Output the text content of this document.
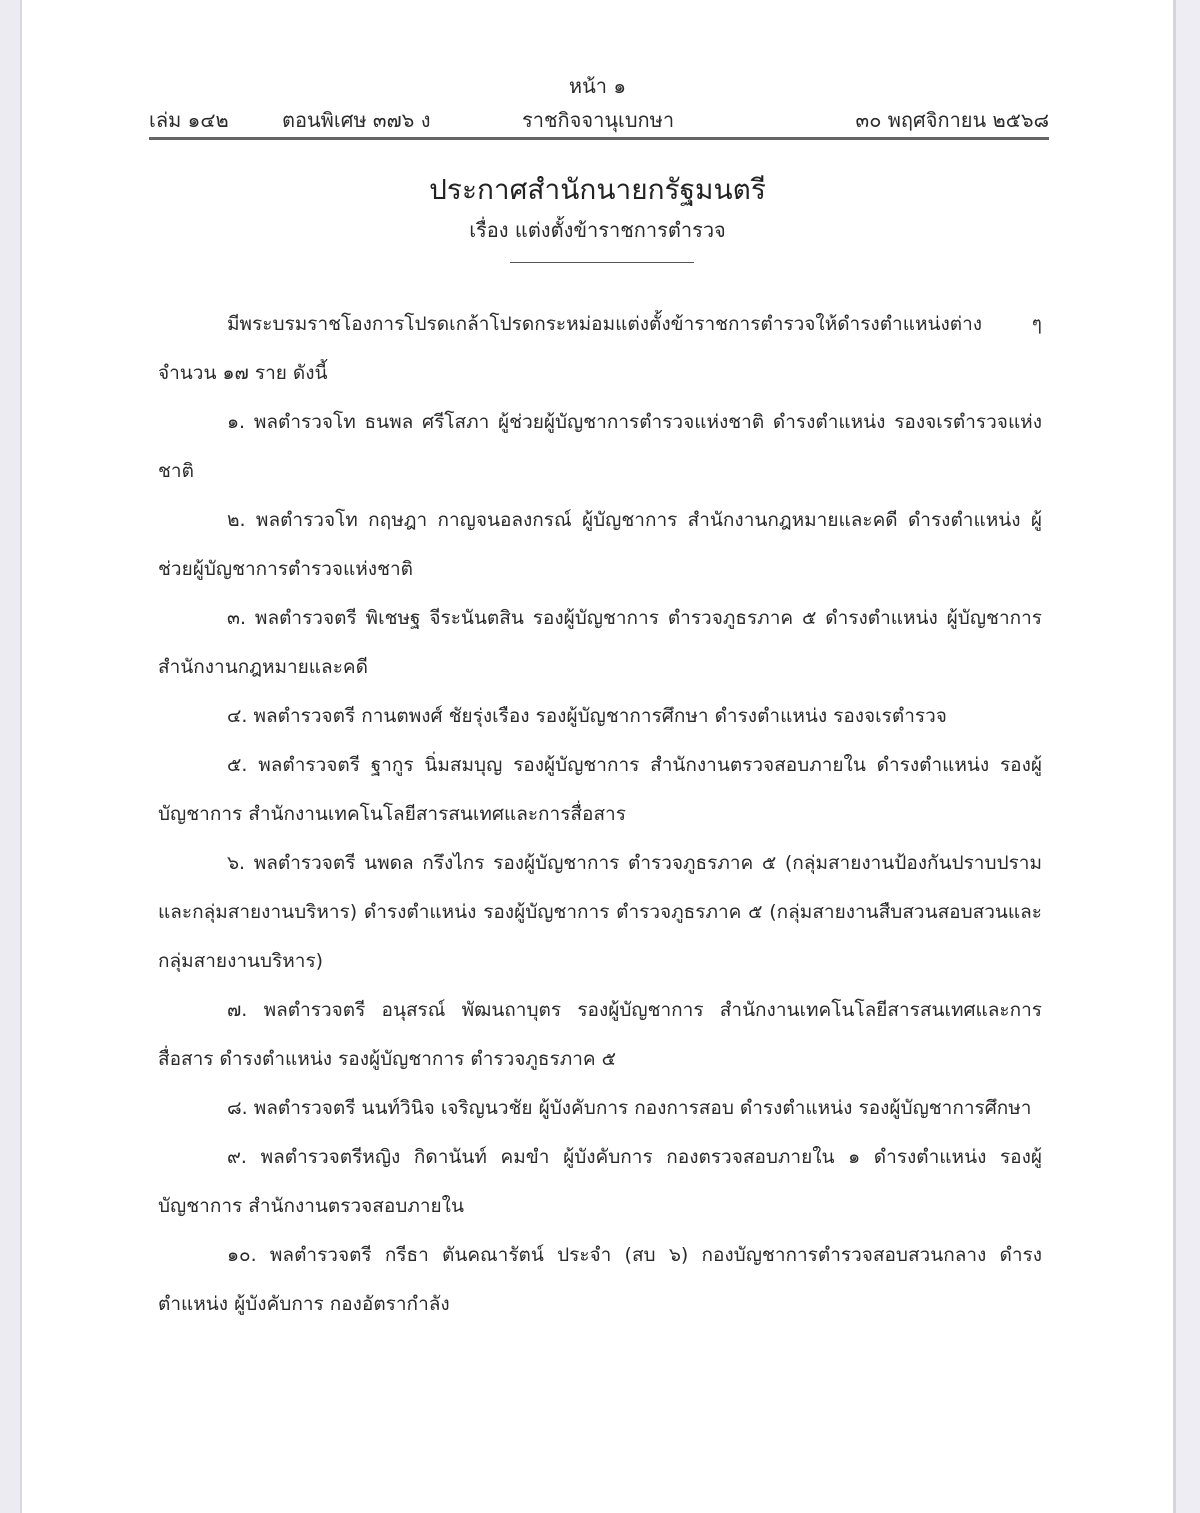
หน้า ๑
เล่ม ๑๔๒	ตอนพิเศษ ๓๗๖ ง	ราชกิจจานุเบกษา	๓๐ พฤศจิกายน ๒๕๖๘
ประกาศสำนักนายกรัฐมนตรี
เรื่อง แต่งตั้งข้าราชการตำรวจ

มีพระบรมราชโองการโปรดเกล้าโปรดกระหม่อมแต่งตั้งข้าราชการตำรวจให้ดำรงตำแหน่งต่าง ๆ จำนวน ๑๗ ราย ดังนี้

๑. พลตำรวจโท ธนพล ศรีโสภา ผู้ช่วยผู้บัญชาการตำรวจแห่งชาติ ดำรงตำแหน่ง รองจเรตำรวจแห่งชาติ

๒. พลตำรวจโท กฤษฎา กาญจนอลงกรณ์ ผู้บัญชาการ สำนักงานกฎหมายและคดี ดำรงตำแหน่ง ผู้ช่วยผู้บัญชาการตำรวจแห่งชาติ

๓. พลตำรวจตรี พิเชษฐ จีระนันตสิน รองผู้บัญชาการ ตำรวจภูธรภาค ๕ ดำรงตำแหน่ง ผู้บัญชาการ สำนักงานกฎหมายและคดี

๔. พลตำรวจตรี กานตพงศ์ ชัยรุ่งเรือง รองผู้บัญชาการศึกษา ดำรงตำแหน่ง รองจเรตำรวจ

๕. พลตำรวจตรี ฐากูร นิ่มสมบุญ รองผู้บัญชาการ สำนักงานตรวจสอบภายใน ดำรงตำแหน่ง รองผู้บัญชาการ สำนักงานเทคโนโลยีสารสนเทศและการสื่อสาร

๖. พลตำรวจตรี นพดล กรึงไกร รองผู้บัญชาการ ตำรวจภูธรภาค ๕ (กลุ่มสายงานป้องกันปราบปรามและกลุ่มสายงานบริหาร) ดำรงตำแหน่ง รองผู้บัญชาการ ตำรวจภูธรภาค ๕ (กลุ่มสายงานสืบสวนสอบสวนและกลุ่มสายงานบริหาร)

๗. พลตำรวจตรี อนุสรณ์ พัฒนถาบุตร รองผู้บัญชาการ สำนักงานเทคโนโลยีสารสนเทศและการสื่อสาร ดำรงตำแหน่ง รองผู้บัญชาการ ตำรวจภูธรภาค ๕

๘. พลตำรวจตรี นนท์วินิจ เจริญนวชัย ผู้บังคับการ กองการสอบ ดำรงตำแหน่ง รองผู้บัญชาการศึกษา

๙. พลตำรวจตรีหญิง กิดานันท์ คมขำ ผู้บังคับการ กองตรวจสอบภายใน ๑ ดำรงตำแหน่ง รองผู้บัญชาการ สำนักงานตรวจสอบภายใน

๑๐. พลตำรวจตรี กรีธา ตันคณารัตน์ ประจำ (สบ ๖) กองบัญชาการตำรวจสอบสวนกลาง ดำรงตำแหน่ง ผู้บังคับการ กองอัตรากำลัง
